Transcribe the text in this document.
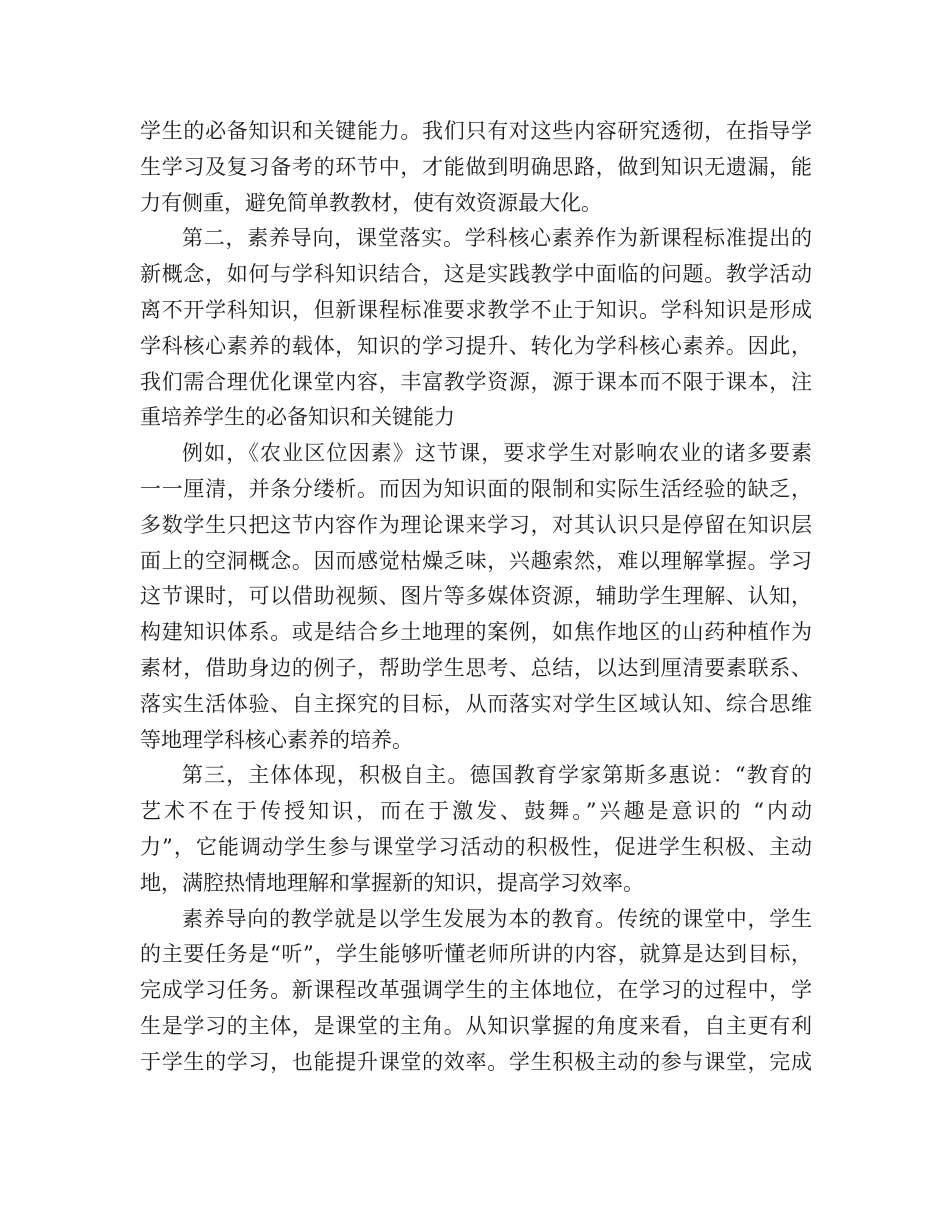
学生的必备知识和关键能力。我们只有对这些内容研究透彻，在指导学
生学习及复习备考的环节中，才能做到明确思路，做到知识无遗漏，能
力有侧重，避免简单教教材，使有效资源最大化。
第二，素养导向，课堂落实。学科核心素养作为新课程标准提出的
新概念，如何与学科知识结合，这是实践教学中面临的问题。教学活动
离不开学科知识，但新课程标准要求教学不止于知识。学科知识是形成
学科核心素养的载体，知识的学习提升、转化为学科核心素养。因此，
我们需合理优化课堂内容，丰富教学资源，源于课本而不限于课本，注
重培养学生的必备知识和关键能力
例如，《农业区位因素》这节课，要求学生对影响农业的诸多要素
一一厘清，并条分缕析。而因为知识面的限制和实际生活经验的缺乏，
多数学生只把这节内容作为理论课来学习，对其认识只是停留在知识层
面上的空洞概念。因而感觉枯燥乏味，兴趣索然，难以理解掌握。学习
这节课时，可以借助视频、图片等多媒体资源，辅助学生理解、认知，
构建知识体系。或是结合乡土地理的案例，如焦作地区的山药种植作为
素材，借助身边的例子，帮助学生思考、总结，以达到厘清要素联系、
落实生活体验、自主探究的目标，从而落实对学生区域认知、综合思维
等地理学科核心素养的培养。
第三，主体体现，积极自主。德国教育学家第斯多惠说：“教育的
艺术不在于传授知识，而在于激发、鼓舞。”兴趣是意识的 “内动
力”，它能调动学生参与课堂学习活动的积极性，促进学生积极、主动
地，满腔热情地理解和掌握新的知识，提高学习效率。
素养导向的教学就是以学生发展为本的教育。传统的课堂中，学生
的主要任务是“听”，学生能够听懂老师所讲的内容，就算是达到目标，
完成学习任务。新课程改革强调学生的主体地位，在学习的过程中，学
生是学习的主体，是课堂的主角。从知识掌握的角度来看，自主更有利
于学生的学习，也能提升课堂的效率。学生积极主动的参与课堂，完成
